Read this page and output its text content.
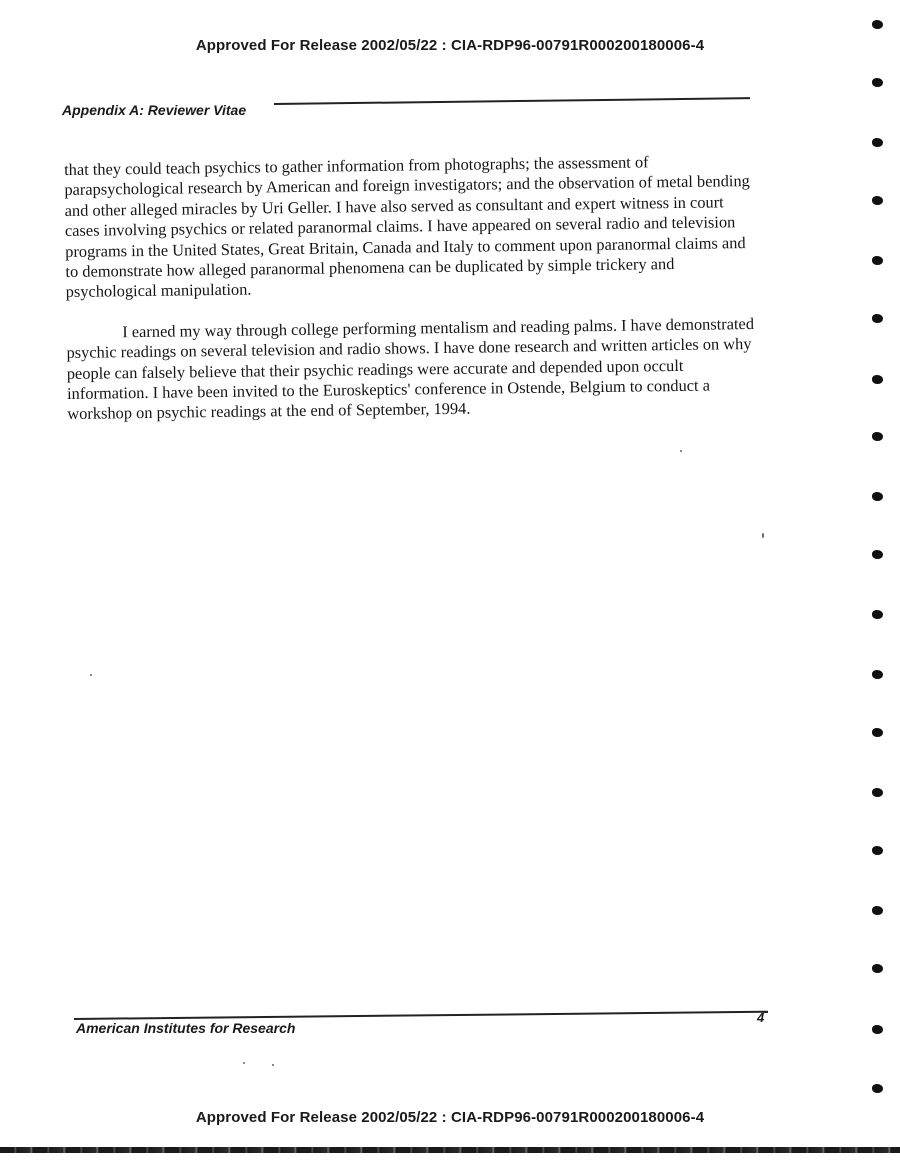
Approved For Release 2002/05/22 : CIA-RDP96-00791R000200180006-4
Appendix A: Reviewer Vitae

that they could teach psychics to gather information from photographs; the assessment of parapsychological research by American and foreign investigators; and the observation of metal bending and other alleged miracles by Uri Geller. I have also served as consultant and expert witness in court cases involving psychics or related paranormal claims. I have appeared on several radio and television programs in the United States, Great Britain, Canada and Italy to comment upon paranormal claims and to demonstrate how alleged paranormal phenomena can be duplicated by simple trickery and psychological manipulation.

I earned my way through college performing mentalism and reading palms. I have demonstrated psychic readings on several television and radio shows. I have done research and written articles on why people can falsely believe that their psychic readings were accurate and depended upon occult information. I have been invited to the Euroskeptics' conference in Ostende, Belgium to conduct a workshop on psychic readings at the end of September, 1994.

American Institutes for Research
4
Approved For Release 2002/05/22 : CIA-RDP96-00791R000200180006-4
